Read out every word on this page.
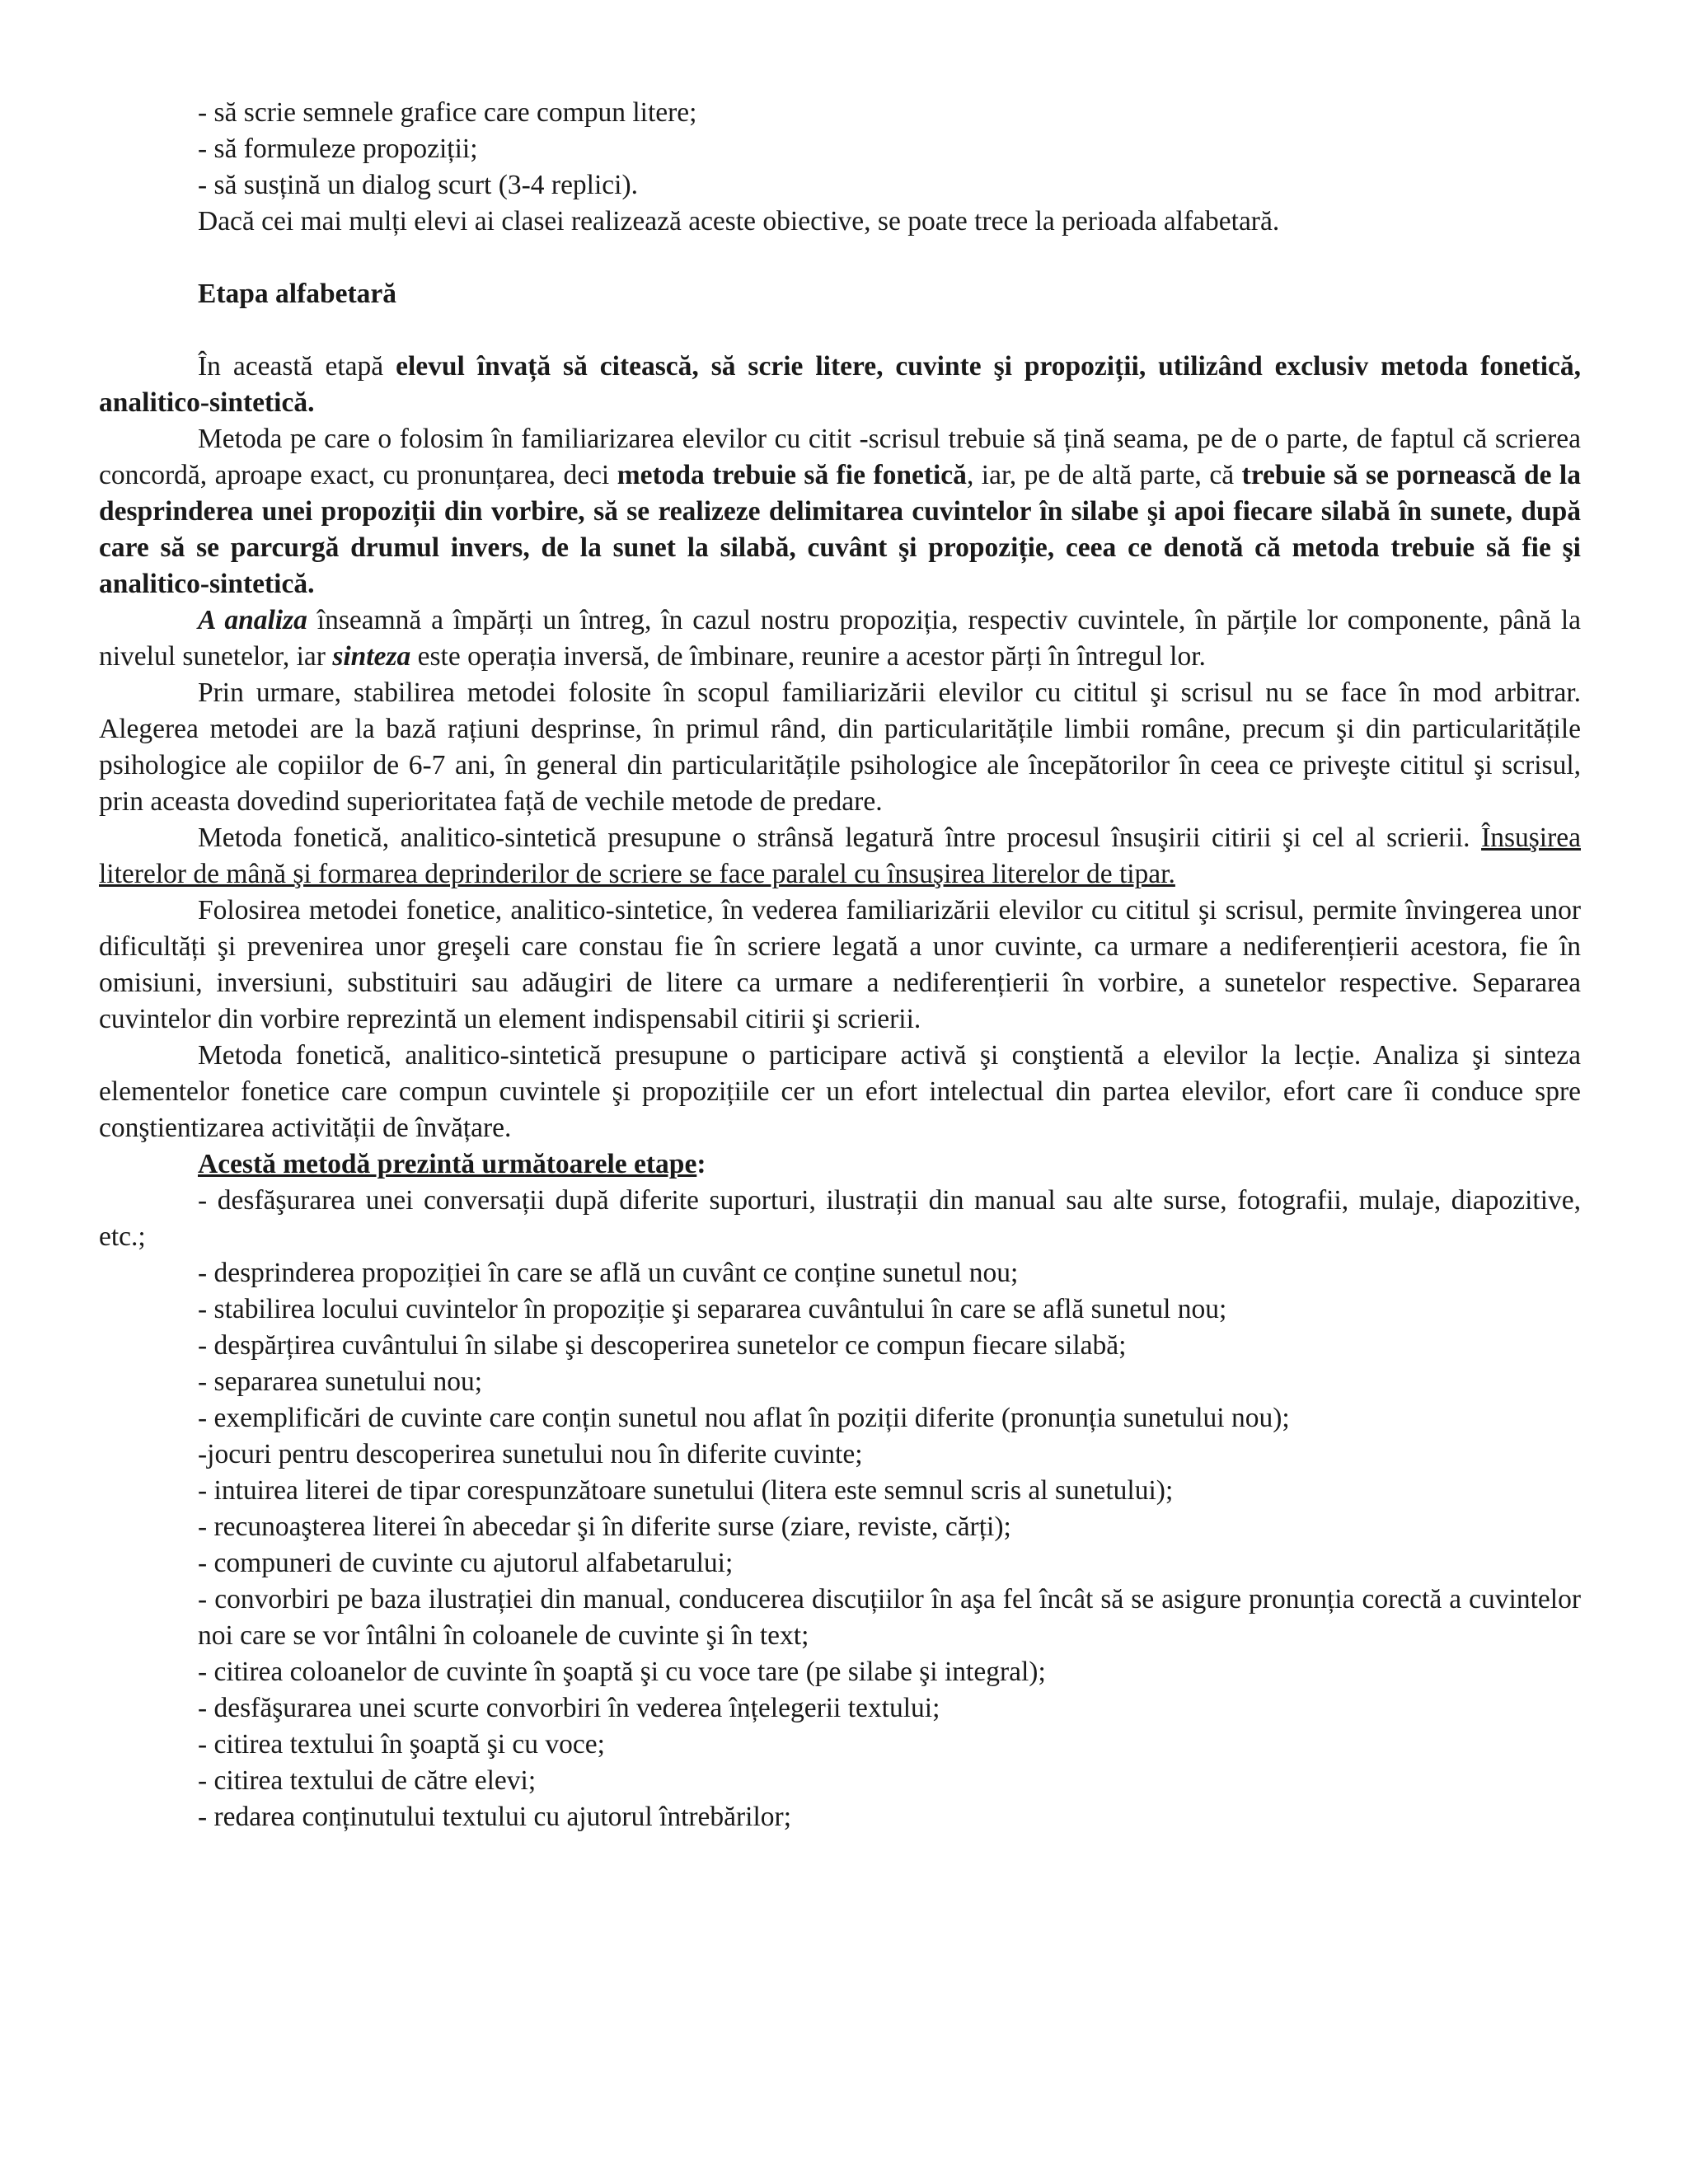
- să scrie semnele grafice care compun litere;

- să formuleze propoziții;

- să susțină un dialog scurt (3-4 replici).

Dacă cei mai mulți elevi ai clasei realizează aceste obiective, se poate trece la perioada alfabetară.

Etapa alfabetară

În această etapă elevul învață să citească, să scrie litere, cuvinte şi propoziții, utilizând exclusiv metoda fonetică, analitico-sintetică.

Metoda pe care o folosim în familiarizarea elevilor cu citit -scrisul trebuie să țină seama, pe de o parte, de faptul că scrierea concordă, aproape exact, cu pronunțarea, deci metoda trebuie să fie fonetică, iar, pe de altă parte, că trebuie să se pornească de la desprinderea unei propoziții din vorbire, să se realizeze delimitarea cuvintelor în silabe şi apoi fiecare silabă în sunete, după care să se parcurgă drumul invers, de la sunet la silabă, cuvânt şi propoziție, ceea ce denotă că metoda trebuie să fie şi analitico-sintetică.

A analiza înseamnă a împărți un întreg, în cazul nostru propoziția, respectiv cuvintele, în părțile lor componente, până la nivelul sunetelor, iar sinteza este operația inversă, de îmbinare, reunire a acestor părți în întregul lor.

Prin urmare, stabilirea metodei folosite în scopul familiarizării elevilor cu cititul şi scrisul nu se face în mod arbitrar. Alegerea metodei are la bază rațiuni desprinse, în primul rând, din particularitățile limbii române, precum şi din particularitățile psihologice ale copiilor de 6-7 ani, în general din particularitățile psihologice ale începătorilor în ceea ce priveşte cititul şi scrisul, prin aceasta dovedind superioritatea față de vechile metode de predare.

Metoda fonetică, analitico-sintetică presupune o strânsă legatură între procesul însuşirii citirii şi cel al scrierii. Însuşirea literelor de mână şi formarea deprinderilor de scriere se face paralel cu însuşirea literelor de tipar.

Folosirea metodei fonetice, analitico-sintetice, în vederea familiarizării elevilor cu cititul şi scrisul, permite învingerea unor dificultăți şi prevenirea unor greşeli care constau fie în scriere legată a unor cuvinte, ca urmare a nediferențierii acestora, fie în omisiuni, inversiuni, substituiri sau adăugiri de litere ca urmare a nediferențierii în vorbire, a sunetelor respective. Separarea cuvintelor din vorbire reprezintă un element indispensabil citirii şi scrierii.

Metoda fonetică, analitico-sintetică presupune o participare activă şi conştientă a elevilor la lecție. Analiza şi sinteza elementelor fonetice care compun cuvintele şi propozițiile cer un efort intelectual din partea elevilor, efort care îi conduce spre conştientizarea activității de învățare.

Acestă metodă prezintă următoarele etape:

- desfăşurarea unei conversații după diferite suporturi, ilustrații din manual sau alte surse, fotografii, mulaje, diapozitive, etc.;

- desprinderea propoziției în care se află un cuvânt ce conține sunetul nou;

- stabilirea locului cuvintelor în propoziție şi separarea cuvântului în care se află sunetul nou;

- despărțirea cuvântului în silabe şi descoperirea sunetelor ce compun fiecare silabă;

- separarea sunetului nou;

- exemplificări de cuvinte care conțin sunetul nou aflat în poziții diferite (pronunția sunetului nou);

-jocuri pentru descoperirea sunetului nou în diferite cuvinte;

- intuirea literei de tipar corespunzătoare sunetului (litera este semnul scris al sunetului);

- recunoaşterea literei în abecedar şi în diferite surse (ziare, reviste, cărți);

- compuneri de cuvinte cu ajutorul alfabetarului;

- convorbiri pe baza ilustrației din manual, conducerea discuțiilor în aşa fel încât să se asigure pronunția corectă a cuvintelor noi care se vor întâlni în coloanele de cuvinte şi în text;

- citirea coloanelor de cuvinte în şoaptă şi cu voce tare (pe silabe şi integral);

- desfăşurarea unei scurte convorbiri în vederea înțelegerii textului;

- citirea textului în şoaptă şi cu voce;

- citirea textului de către elevi;

- redarea conținutului textului cu ajutorul întrebărilor;
